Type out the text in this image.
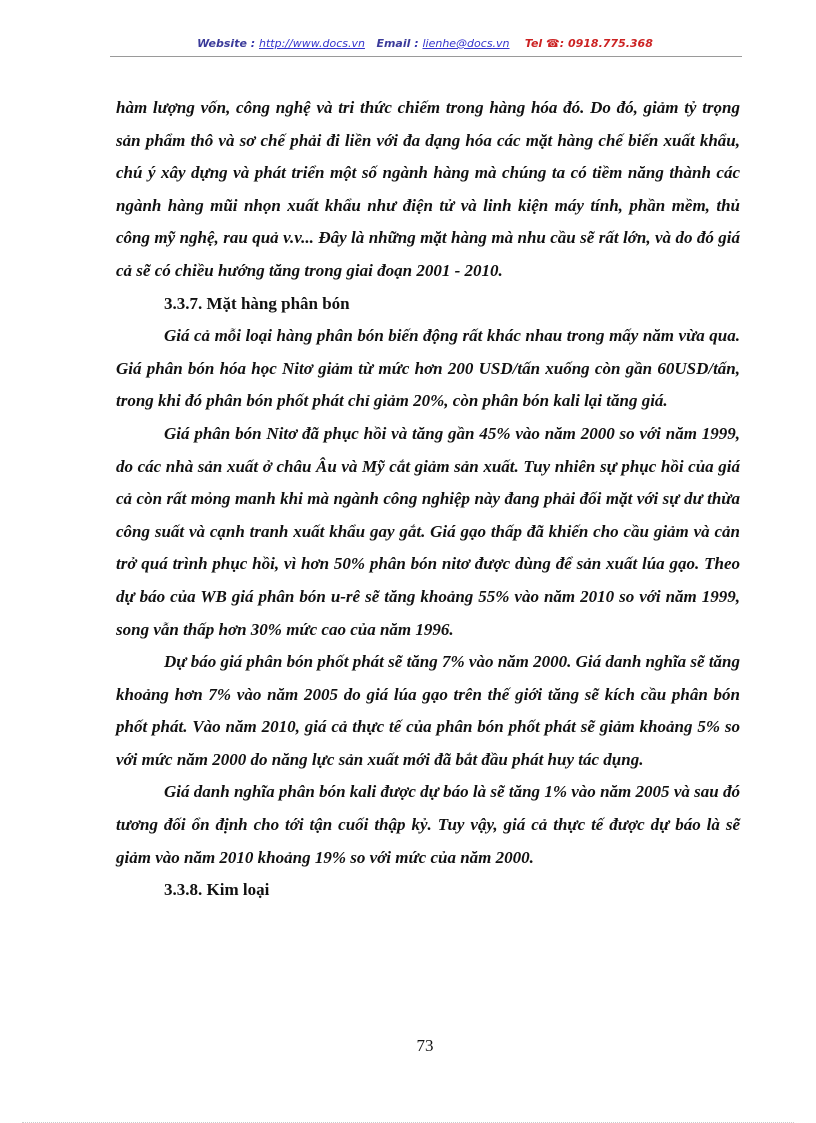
Website : http://www.docs.vn Email : lienhe@docs.vn Tel ☎: 0918.775.368

hàm lượng vốn, công nghệ và tri thức chiếm trong hàng hóa đó. Do đó, giảm tỷ trọng sản phẩm thô và sơ chế phải đi liền với đa dạng hóa các mặt hàng chế biến xuất khẩu, chú ý xây dựng và phát triển một số ngành hàng mà chúng ta có tiềm năng thành các ngành hàng mũi nhọn xuất khẩu như điện tử và linh kiện máy tính, phần mềm, thủ công mỹ nghệ, rau quả v.v... Đây là những mặt hàng mà nhu cầu sẽ rất lớn, và do đó giá cả sẽ có chiều hướng tăng trong giai đoạn 2001 - 2010.

3.3.7. Mặt hàng phân bón

Giá cả mỗi loại hàng phân bón biến động rất khác nhau trong mấy năm vừa qua. Giá phân bón hóa học Nitơ giảm từ mức hơn 200 USD/tấn xuống còn gần 60USD/tấn, trong khi đó phân bón phốt phát chỉ giảm 20%, còn phân bón kali lại tăng giá.

Giá phân bón Nitơ đã phục hồi và tăng gần 45% vào năm 2000 so với năm 1999, do các nhà sản xuất ở châu Âu và Mỹ cắt giảm sản xuất. Tuy nhiên sự phục hồi của giá cả còn rất mỏng manh khi mà ngành công nghiệp này đang phải đối mặt với sự dư thừa công suất và cạnh tranh xuất khẩu gay gắt. Giá gạo thấp đã khiến cho cầu giảm và cản trở quá trình phục hồi, vì hơn 50% phân bón nitơ được dùng để sản xuất lúa gạo. Theo dự báo của WB giá phân bón u-rê sẽ tăng khoảng 55% vào năm 2010 so với năm 1999, song vẫn thấp hơn 30% mức cao của năm 1996.

Dự báo giá phân bón phốt phát sẽ tăng 7% vào năm 2000. Giá danh nghĩa sẽ tăng khoảng hơn 7% vào năm 2005 do giá lúa gạo trên thế giới tăng sẽ kích cầu phân bón phốt phát. Vào năm 2010, giá cả thực tế của phân bón phốt phát sẽ giảm khoảng 5% so với mức năm 2000 do năng lực sản xuất mới đã bắt đầu phát huy tác dụng.

Giá danh nghĩa phân bón kali được dự báo là sẽ tăng 1% vào năm 2005 và sau đó tương đối ổn định cho tới tận cuối thập kỷ. Tuy vậy, giá cả thực tế được dự báo là sẽ giảm vào năm 2010 khoảng 19% so với mức của năm 2000.

3.3.8. Kim loại
73
